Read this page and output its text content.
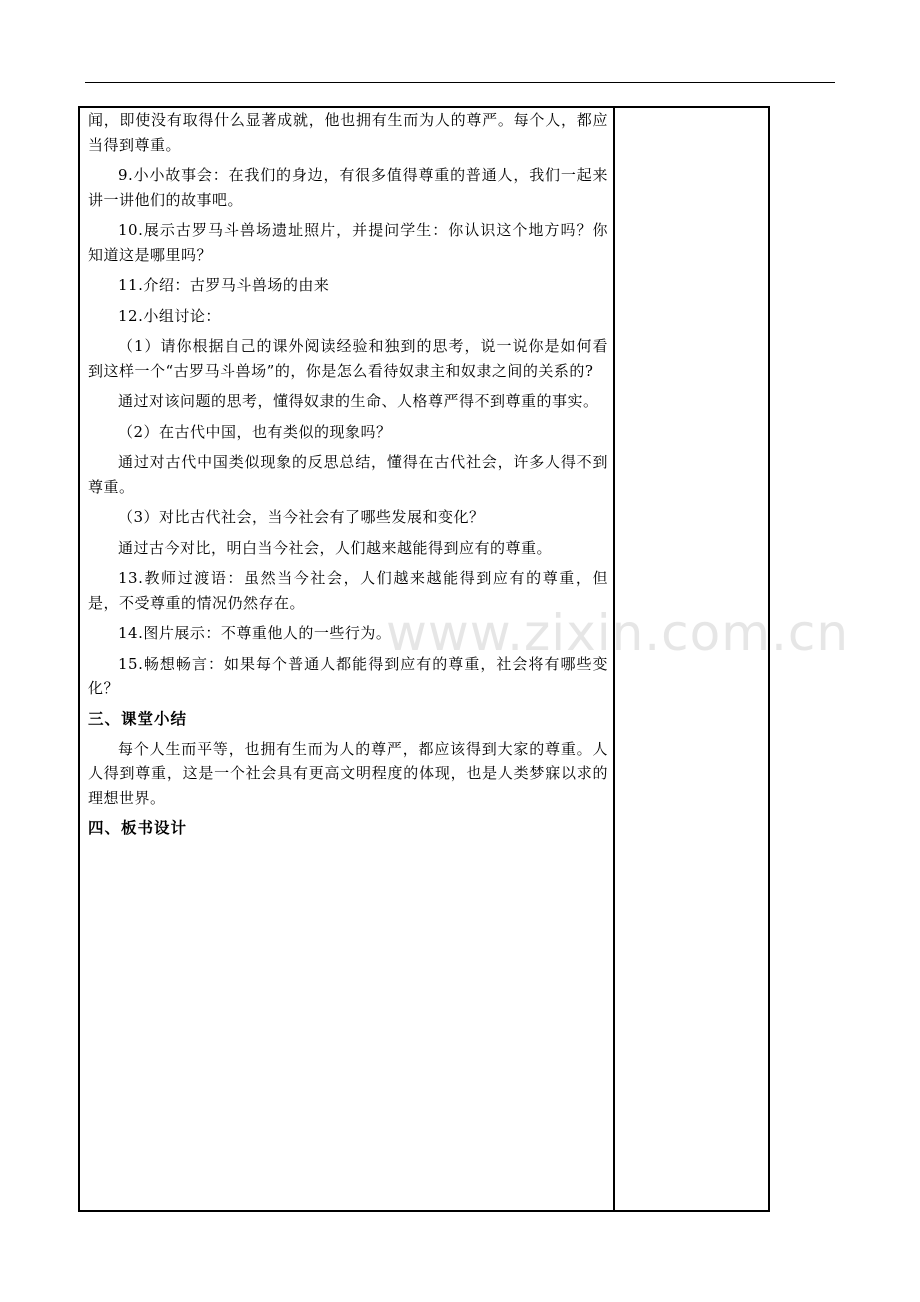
www.zixin.com.cn

闻，即使没有取得什么显著成就，他也拥有生而为人的尊严。每个人，都应当得到尊重。

9.小小故事会：在我们的身边，有很多值得尊重的普通人，我们一起来讲一讲他们的故事吧。

10.展示古罗马斗兽场遗址照片，并提问学生：你认识这个地方吗？你知道这是哪里吗？

11.介绍：古罗马斗兽场的由来

12.小组讨论：

（1）请你根据自己的课外阅读经验和独到的思考，说一说你是如何看到这样一个“古罗马斗兽场”的，你是怎么看待奴隶主和奴隶之间的关系的?

通过对该问题的思考，懂得奴隶的生命、人格尊严得不到尊重的事实。

（2）在古代中国，也有类似的现象吗？

通过对古代中国类似现象的反思总结，懂得在古代社会，许多人得不到尊重。

（3）对比古代社会，当今社会有了哪些发展和变化？

通过古今对比，明白当今社会，人们越来越能得到应有的尊重。

13.教师过渡语：虽然当今社会，人们越来越能得到应有的尊重，但是，不受尊重的情况仍然存在。

14.图片展示：不尊重他人的一些行为。

15.畅想畅言：如果每个普通人都能得到应有的尊重，社会将有哪些变化？

三、课堂小结

每个人生而平等，也拥有生而为人的尊严，都应该得到大家的尊重。人人得到尊重，这是一个社会具有更高文明程度的体现，也是人类梦寐以求的理想世界。

四、板书设计
